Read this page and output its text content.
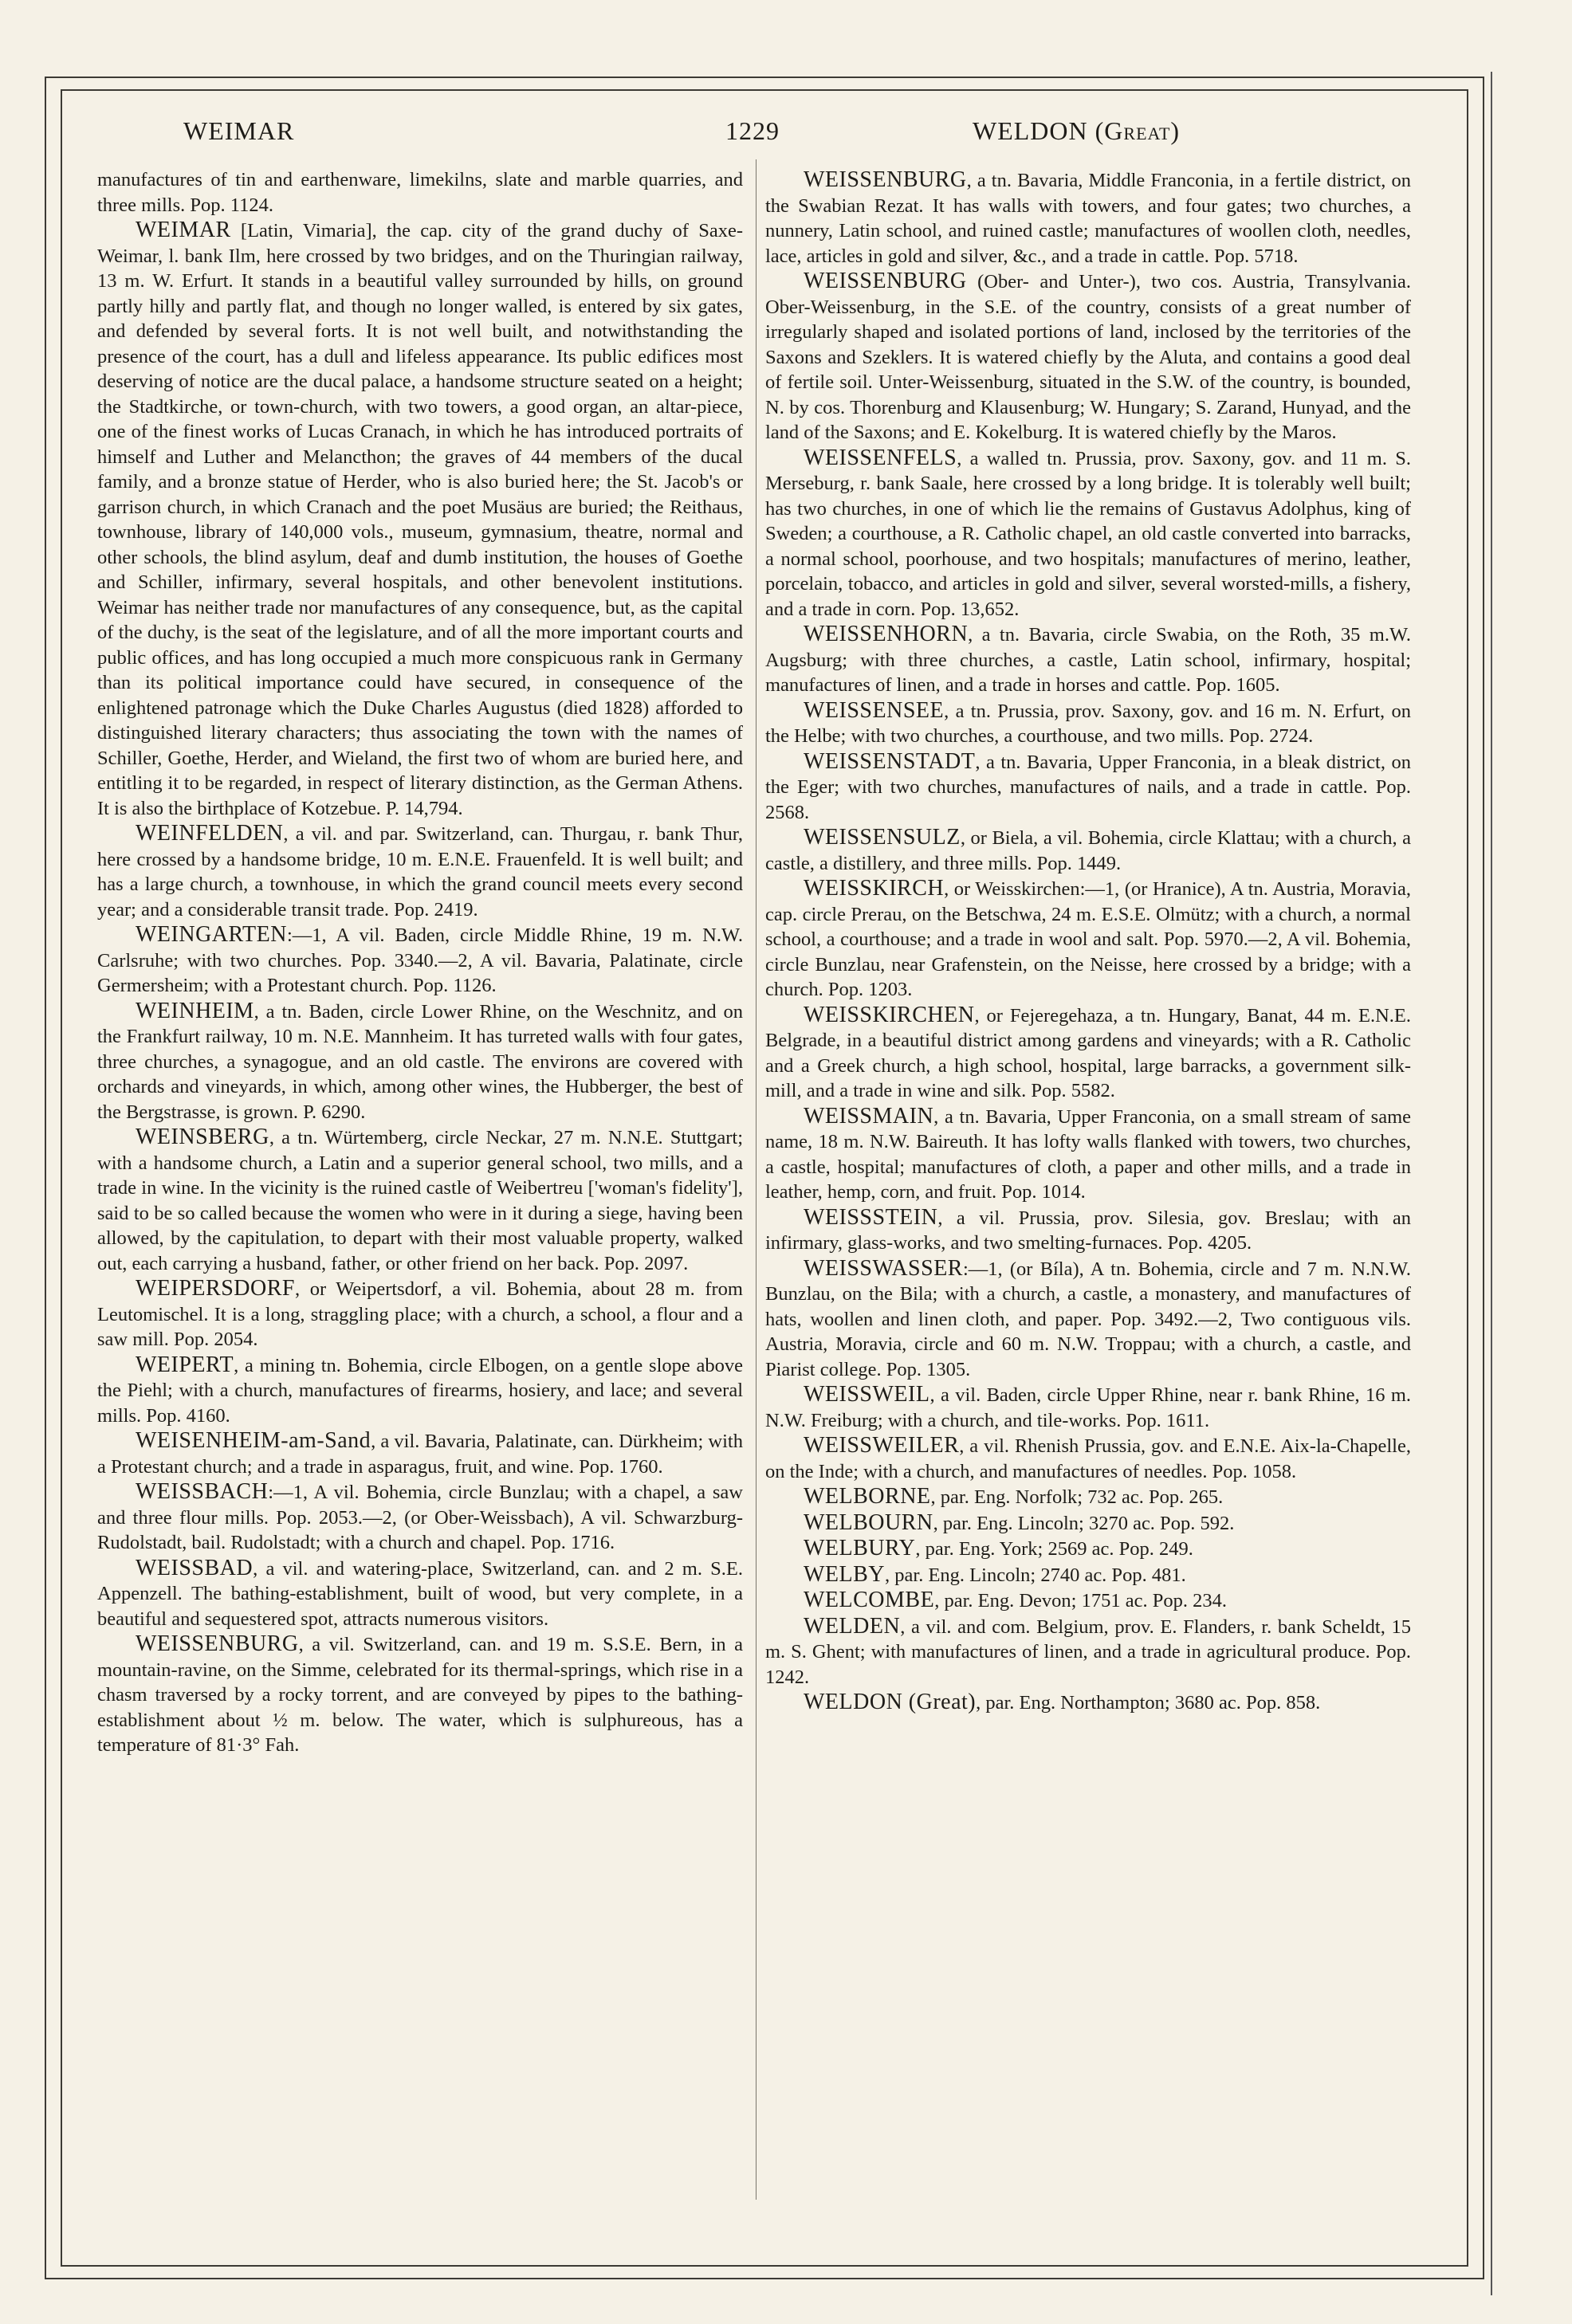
WEIMAR	1229	WELDON (Great)

manufactures of tin and earthenware, limekilns, slate and marble quarries, and three mills. Pop. 1124.

WEIMAR [Latin, Vimaria], the cap. city of the grand duchy of Saxe-Weimar, l. bank Ilm, here crossed by two bridges, and on the Thuringian railway, 13 m. W. Erfurt. It stands in a beautiful valley surrounded by hills, on ground partly hilly and partly flat, and though no longer walled, is entered by six gates, and defended by several forts. It is not well built, and notwithstanding the presence of the court, has a dull and lifeless appearance. Its public edifices most deserving of notice are the ducal palace, a handsome structure seated on a height; the Stadtkirche, or town-church, with two towers, a good organ, an altar-piece, one of the finest works of Lucas Cranach, in which he has introduced portraits of himself and Luther and Melancthon; the graves of 44 members of the ducal family, and a bronze statue of Herder, who is also buried here; the St. Jacob's or garrison church, in which Cranach and the poet Musäus are buried; the Reithaus, townhouse, library of 140,000 vols., museum, gymnasium, theatre, normal and other schools, the blind asylum, deaf and dumb institution, the houses of Goethe and Schiller, infirmary, several hospitals, and other benevolent institutions. Weimar has neither trade nor manufactures of any consequence, but, as the capital of the duchy, is the seat of the legislature, and of all the more important courts and public offices, and has long occupied a much more conspicuous rank in Germany than its political importance could have secured, in consequence of the enlightened patronage which the Duke Charles Augustus (died 1828) afforded to distinguished literary characters; thus associating the town with the names of Schiller, Goethe, Herder, and Wieland, the first two of whom are buried here, and entitling it to be regarded, in respect of literary distinction, as the German Athens. It is also the birthplace of Kotzebue. P. 14,794.

WEINFELDEN, a vil. and par. Switzerland, can. Thurgau, r. bank Thur, here crossed by a handsome bridge, 10 m. E.N.E. Frauenfeld. It is well built; and has a large church, a townhouse, in which the grand council meets every second year; and a considerable transit trade. Pop. 2419.

WEINGARTEN:—1, A vil. Baden, circle Middle Rhine, 19 m. N.W. Carlsruhe; with two churches. Pop. 3340.—2, A vil. Bavaria, Palatinate, circle Germersheim; with a Protestant church. Pop. 1126.

WEINHEIM, a tn. Baden, circle Lower Rhine, on the Weschnitz, and on the Frankfurt railway, 10 m. N.E. Mannheim. It has turreted walls with four gates, three churches, a synagogue, and an old castle. The environs are covered with orchards and vineyards, in which, among other wines, the Hubberger, the best of the Bergstrasse, is grown. P. 6290.

WEINSBERG, a tn. Würtemberg, circle Neckar, 27 m. N.N.E. Stuttgart; with a handsome church, a Latin and a superior general school, two mills, and a trade in wine. In the vicinity is the ruined castle of Weibertreu ['woman's fidelity'], said to be so called because the women who were in it during a siege, having been allowed, by the capitulation, to depart with their most valuable property, walked out, each carrying a husband, father, or other friend on her back. Pop. 2097.

WEIPERSDORF, or Weipertsdorf, a vil. Bohemia, about 28 m. from Leutomischel. It is a long, straggling place; with a church, a school, a flour and a saw mill. Pop. 2054.

WEIPERT, a mining tn. Bohemia, circle Elbogen, on a gentle slope above the Piehl; with a church, manufactures of firearms, hosiery, and lace; and several mills. Pop. 4160.

WEISENHEIM-am-Sand, a vil. Bavaria, Palatinate, can. Dürkheim; with a Protestant church; and a trade in asparagus, fruit, and wine. Pop. 1760.

WEISSBACH:—1, A vil. Bohemia, circle Bunzlau; with a chapel, a saw and three flour mills. Pop. 2053.—2, (or Ober-Weissbach), A vil. Schwarzburg-Rudolstadt, bail. Rudolstadt; with a church and chapel. Pop. 1716.

WEISSBAD, a vil. and watering-place, Switzerland, can. and 2 m. S.E. Appenzell. The bathing-establishment, built of wood, but very complete, in a beautiful and sequestered spot, attracts numerous visitors.

WEISSENBURG, a vil. Switzerland, can. and 19 m. S.S.E. Bern, in a mountain-ravine, on the Simme, celebrated for its thermal-springs, which rise in a chasm traversed by a rocky torrent, and are conveyed by pipes to the bathing-establishment about ½ m. below. The water, which is sulphureous, has a temperature of 81·3° Fah.

WEISSENBURG, a tn. Bavaria, Middle Franconia, in a fertile district, on the Swabian Rezat. It has walls with towers, and four gates; two churches, a nunnery, Latin school, and ruined castle; manufactures of woollen cloth, needles, lace, articles in gold and silver, &c., and a trade in cattle. Pop. 5718.

WEISSENBURG (Ober- and Unter-), two cos. Austria, Transylvania. Ober-Weissenburg, in the S.E. of the country, consists of a great number of irregularly shaped and isolated portions of land, inclosed by the territories of the Saxons and Szeklers. It is watered chiefly by the Aluta, and contains a good deal of fertile soil. Unter-Weissenburg, situated in the S.W. of the country, is bounded, N. by cos. Thorenburg and Klausenburg; W. Hungary; S. Zarand, Hunyad, and the land of the Saxons; and E. Kokelburg. It is watered chiefly by the Maros.

WEISSENFELS, a walled tn. Prussia, prov. Saxony, gov. and 11 m. S. Merseburg, r. bank Saale, here crossed by a long bridge. It is tolerably well built; has two churches, in one of which lie the remains of Gustavus Adolphus, king of Sweden; a courthouse, a R. Catholic chapel, an old castle converted into barracks, a normal school, poorhouse, and two hospitals; manufactures of merino, leather, porcelain, tobacco, and articles in gold and silver, several worsted-mills, a fishery, and a trade in corn. Pop. 13,652.

WEISSENHORN, a tn. Bavaria, circle Swabia, on the Roth, 35 m.W. Augsburg; with three churches, a castle, Latin school, infirmary, hospital; manufactures of linen, and a trade in horses and cattle. Pop. 1605.

WEISSENSEE, a tn. Prussia, prov. Saxony, gov. and 16 m. N. Erfurt, on the Helbe; with two churches, a courthouse, and two mills. Pop. 2724.

WEISSENSTADT, a tn. Bavaria, Upper Franconia, in a bleak district, on the Eger; with two churches, manufactures of nails, and a trade in cattle. Pop. 2568.

WEISSENSULZ, or Biela, a vil. Bohemia, circle Klattau; with a church, a castle, a distillery, and three mills. Pop. 1449.

WEISSKIRCH, or Weisskirchen:—1, (or Hranice), A tn. Austria, Moravia, cap. circle Prerau, on the Betschwa, 24 m. E.S.E. Olmütz; with a church, a normal school, a courthouse; and a trade in wool and salt. Pop. 5970.—2, A vil. Bohemia, circle Bunzlau, near Grafenstein, on the Neisse, here crossed by a bridge; with a church. Pop. 1203.

WEISSKIRCHEN, or Fejeregehaza, a tn. Hungary, Banat, 44 m. E.N.E. Belgrade, in a beautiful district among gardens and vineyards; with a R. Catholic and a Greek church, a high school, hospital, large barracks, a government silk-mill, and a trade in wine and silk. Pop. 5582.

WEISSMAIN, a tn. Bavaria, Upper Franconia, on a small stream of same name, 18 m. N.W. Baireuth. It has lofty walls flanked with towers, two churches, a castle, hospital; manufactures of cloth, a paper and other mills, and a trade in leather, hemp, corn, and fruit. Pop. 1014.

WEISSSTEIN, a vil. Prussia, prov. Silesia, gov. Breslau; with an infirmary, glass-works, and two smelting-furnaces. Pop. 4205.

WEISSWASSER:—1, (or Bíla), A tn. Bohemia, circle and 7 m. N.N.W. Bunzlau, on the Bila; with a church, a castle, a monastery, and manufactures of hats, woollen and linen cloth, and paper. Pop. 3492.—2, Two contiguous vils. Austria, Moravia, circle and 60 m. N.W. Troppau; with a church, a castle, and Piarist college. Pop. 1305.

WEISSWEIL, a vil. Baden, circle Upper Rhine, near r. bank Rhine, 16 m. N.W. Freiburg; with a church, and tile-works. Pop. 1611.

WEISSWEILER, a vil. Rhenish Prussia, gov. and E.N.E. Aix-la-Chapelle, on the Inde; with a church, and manufactures of needles. Pop. 1058.

WELBORNE, par. Eng. Norfolk; 732 ac. Pop. 265.

WELBOURN, par. Eng. Lincoln; 3270 ac. Pop. 592.

WELBURY, par. Eng. York; 2569 ac. Pop. 249.

WELBY, par. Eng. Lincoln; 2740 ac. Pop. 481.

WELCOMBE, par. Eng. Devon; 1751 ac. Pop. 234.

WELDEN, a vil. and com. Belgium, prov. E. Flanders, r. bank Scheldt, 15 m. S. Ghent; with manufactures of linen, and a trade in agricultural produce. Pop. 1242.

WELDON (Great), par. Eng. Northampton; 3680 ac. Pop. 858.
